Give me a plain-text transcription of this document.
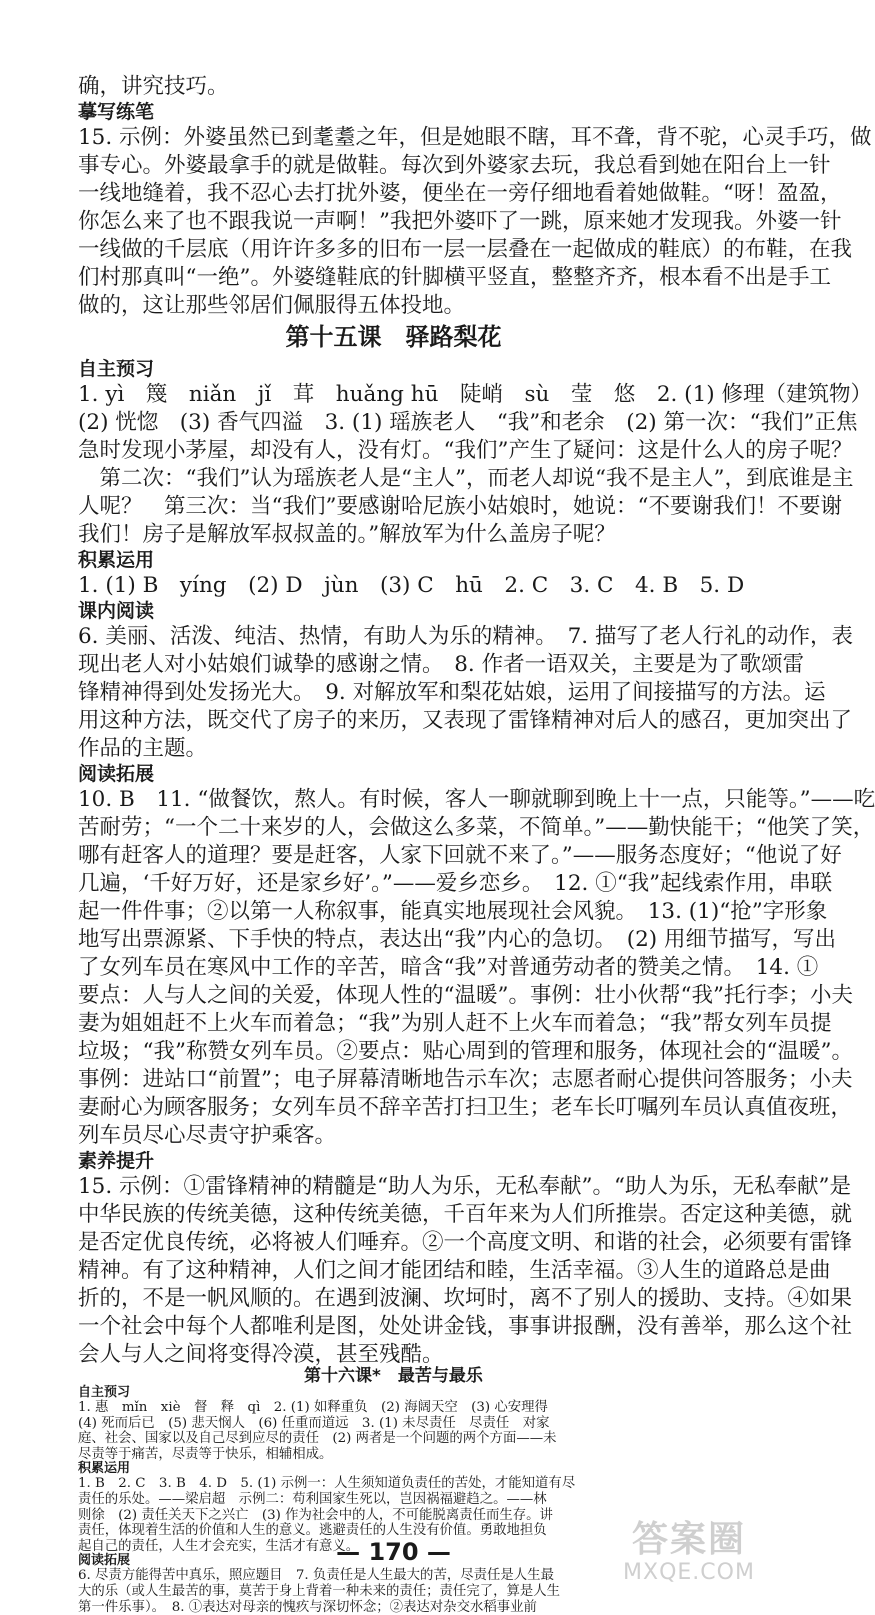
确，讲究技巧。
摹写练笔
15. 示例：外婆虽然已到耄耋之年，但是她眼不瞎，耳不聋，背不驼，心灵手巧，做
事专心。外婆最拿手的就是做鞋。每次到外婆家去玩，我总看到她在阳台上一针
一线地缝着，我不忍心去打扰外婆，便坐在一旁仔细地看着她做鞋。“呀！盈盈，
你怎么来了也不跟我说一声啊！”我把外婆吓了一跳，原来她才发现我。外婆一针
一线做的千层底（用许许多多的旧布一层一层叠在一起做成的鞋底）的布鞋，在我
们村那真叫“一绝”。外婆缝鞋底的针脚横平竖直，整整齐齐，根本看不出是手工
做的，这让那些邻居们佩服得五体投地。
第十五课　驿路梨花
自主预习
1. yì　篾　niǎn　jǐ　茸　huǎng hū　陡峭　sù　莹　悠　2. (1) 修理（建筑物）
(2) 恍惚　(3) 香气四溢　3. (1) 瑶族老人　“我”和老余　(2) 第一次：“我们”正焦
急时发现小茅屋，却没有人，没有灯。“我们”产生了疑问：这是什么人的房子呢？
　第二次：“我们”认为瑶族老人是“主人”，而老人却说“我不是主人”，到底谁是主
人呢？　第三次：当“我们”要感谢哈尼族小姑娘时，她说：“不要谢我们！不要谢
我们！房子是解放军叔叔盖的。”解放军为什么盖房子呢？
积累运用
1. (1) B　yíng　(2) D　jùn　(3) C　hū　2. C　3. C　4. B　5. D
课内阅读
6. 美丽、活泼、纯洁、热情，有助人为乐的精神。　7. 描写了老人行礼的动作，表
现出老人对小姑娘们诚挚的感谢之情。　8. 作者一语双关，主要是为了歌颂雷
锋精神得到处发扬光大。　9. 对解放军和梨花姑娘，运用了间接描写的方法。运
用这种方法，既交代了房子的来历，又表现了雷锋精神对后人的感召，更加突出了
作品的主题。
阅读拓展
10. B　11. “做餐饮，熬人。有时候，客人一聊就聊到晚上十一点，只能等。”——吃
苦耐劳；“一个二十来岁的人，会做这么多菜，不简单。”——勤快能干；“他笑了笑，
哪有赶客人的道理？要是赶客，人家下回就不来了。”——服务态度好；“他说了好
几遍，‘千好万好，还是家乡好’。”——爱乡恋乡。　12. ①“我”起线索作用，串联
起一件件事；②以第一人称叙事，能真实地展现社会风貌。　13. (1)“抢”字形象
地写出票源紧、下手快的特点，表达出“我”内心的急切。　(2) 用细节描写，写出
了女列车员在寒风中工作的辛苦，暗含“我”对普通劳动者的赞美之情。　14. ①
要点：人与人之间的关爱，体现人性的“温暖”。事例：壮小伙帮“我”托行李；小夫
妻为姐姐赶不上火车而着急；“我”为别人赶不上火车而着急；“我”帮女列车员提
垃圾；“我”称赞女列车员。②要点：贴心周到的管理和服务，体现社会的“温暖”。
事例：进站口“前置”；电子屏幕清晰地告示车次；志愿者耐心提供问答服务；小夫
妻耐心为顾客服务；女列车员不辞辛苦打扫卫生；老车长叮嘱列车员认真值夜班，
列车员尽心尽责守护乘客。
素养提升
15. 示例：①雷锋精神的精髓是“助人为乐，无私奉献”。“助人为乐，无私奉献”是
中华民族的传统美德，这种传统美德，千百年来为人们所推崇。否定这种美德，就
是否定优良传统，必将被人们唾弃。②一个高度文明、和谐的社会，必须要有雷锋
精神。有了这种精神，人们之间才能团结和睦，生活幸福。③人生的道路总是曲
折的，不是一帆风顺的。在遇到波澜、坎坷时，离不了别人的援助、支持。④如果
一个社会中每个人都唯利是图，处处讲金钱，事事讲报酬，没有善举，那么这个社
会人与人之间将变得冷漠，甚至残酷。
第十六课*　最苦与最乐
自主预习
1. 惠　mǐn　xiè　督　释　qì　2. (1) 如释重负　(2) 海阔天空　(3) 心安理得
(4) 死而后已　(5) 悲天悯人　(6) 任重而道远　3. (1) 未尽责任　尽责任　对家
庭、社会、国家以及自己尽到应尽的责任　(2) 两者是一个问题的两个方面——未
尽责等于痛苦，尽责等于快乐，相辅相成。
积累运用
1. B　2. C　3. B　4. D　5. (1) 示例一：人生须知道负责任的苦处，才能知道有尽
责任的乐处。——梁启超　示例二：苟利国家生死以，岂因祸福避趋之。——林
则徐　(2) 责任关天下之兴亡　(3) 作为社会中的人，不可能脱离责任而生存。讲
责任，体现着生活的价值和人生的意义。逃避责任的人生没有价值。勇敢地担负
起自己的责任，人生才会充实，生活才有意义。
阅读拓展
6. 尽责方能得苦中真乐，照应题目　7. 负责任是人生最大的苦，尽责任是人生最
大的乐（或人生最苦的事，莫苦于身上背着一种未来的责任；责任完了，算是人生
第一件乐事）。　8. ①表达对母亲的愧疚与深切怀念；②表达对杂交水稻事业前
— 170 —	答案圈
MXQE.COM
